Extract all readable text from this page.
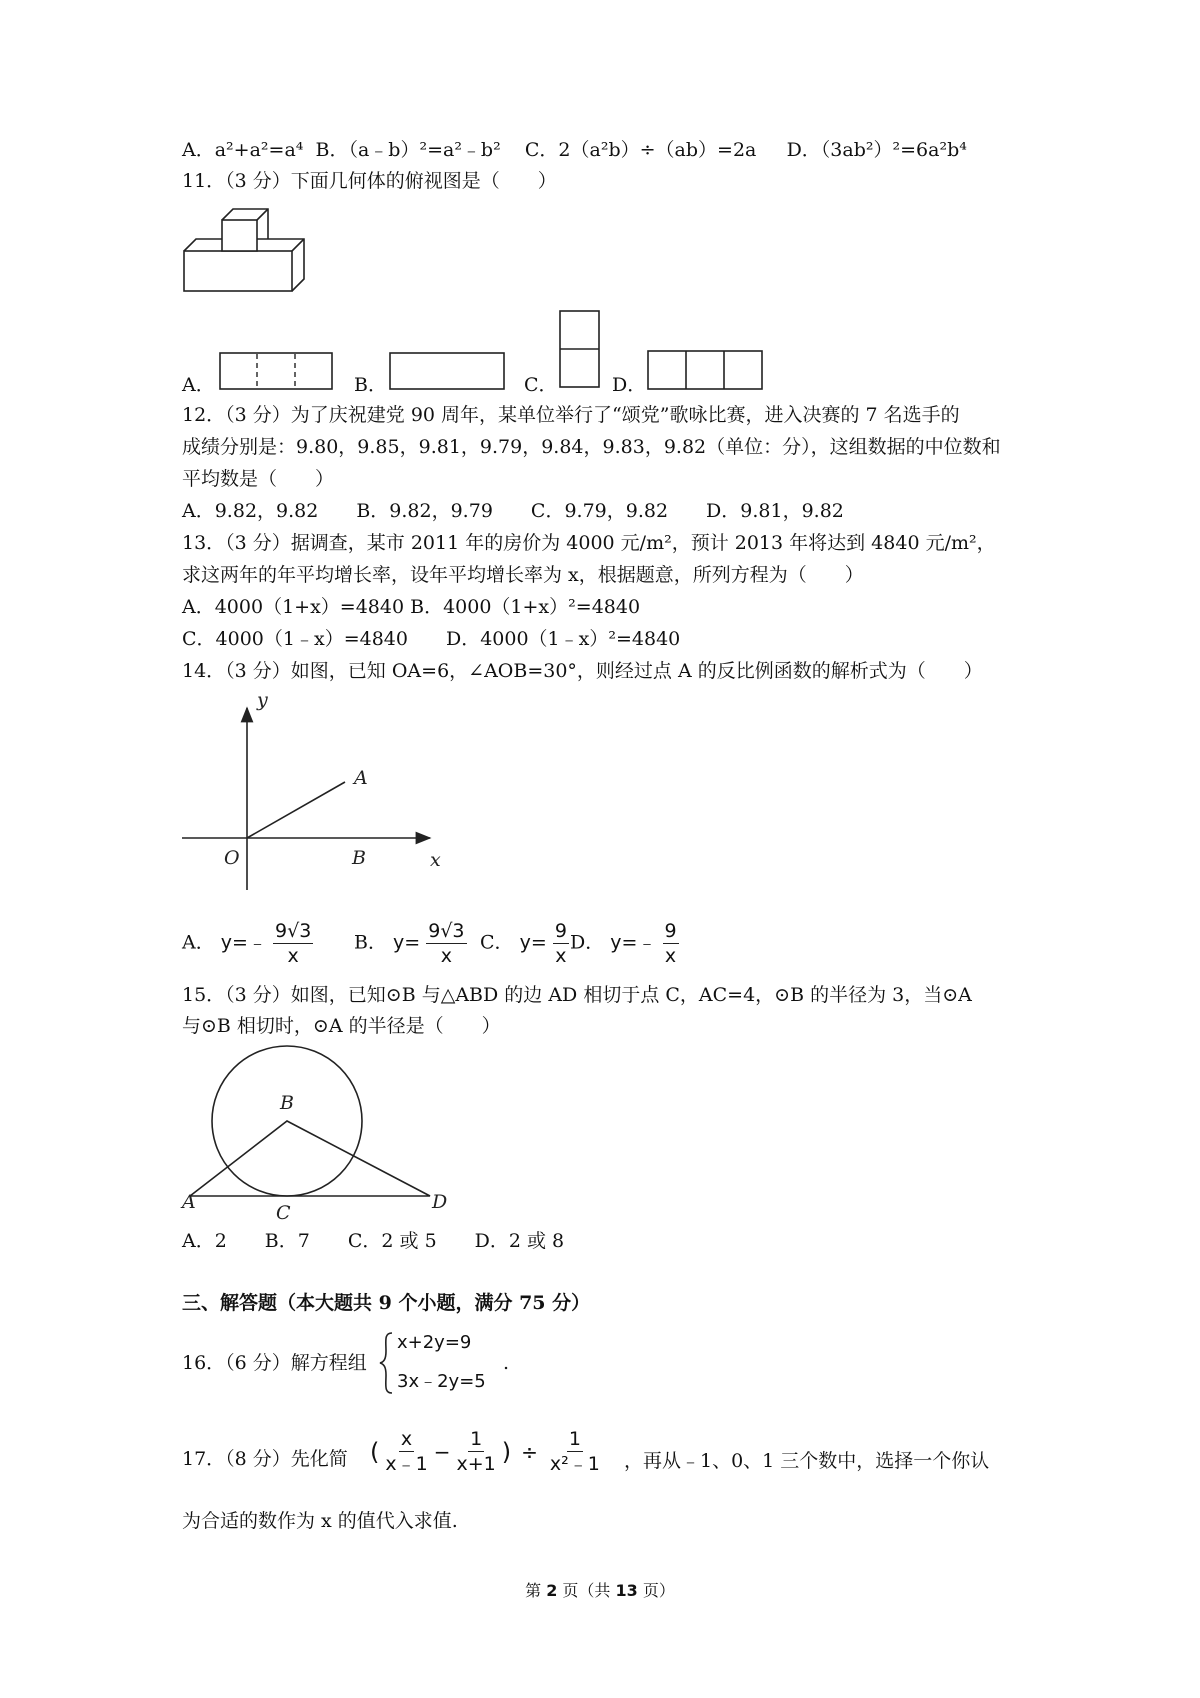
A．a²+a²=a⁴ B．（a﹣b）²=a²﹣b² C．2（a²b）÷（ab）=2a D．（3ab²）²=6a²b⁴
11．（3 分）下面几何体的俯视图是（　　）
A．	B．	C．	D．
12．（3 分）为了庆祝建党 90 周年，某单位举行了“颂党”歌咏比赛，进入决赛的 7 名选手的
成绩分别是：9.80，9.85，9.81，9.79，9.84，9.83，9.82（单位：分），这组数据的中位数和
平均数是（　　）
A．9.82，9.82　　B．9.82，9.79　　C．9.79，9.82　　D．9.81，9.82
13．（3 分）据调查，某市 2011 年的房价为 4000 元/m²，预计 2013 年将达到 4840 元/m²，
求这两年的年平均增长率，设年平均增长率为 x，根据题意，所列方程为（　　）
A．4000（1+x）=4840 B．4000（1+x）²=4840
C．4000（1﹣x）=4840　　D．4000（1﹣x）²=4840
14．（3 分）如图，已知 OA=6，∠AOB=30°，则经过点 A 的反比例函数的解析式为（　　）
y
x
O
A
B
A． y=﹣ $\frac{9√3}{x}$ B． $y= \frac{9√3}{x}$ C． $y= \frac{9}{x}$ D． y=﹣ $\frac{9}{x}$
15．（3 分）如图，已知⊙B 与△ABD 的边 AD 相切于点 C，AC=4，⊙B 的半径为 3，当⊙A
与⊙B 相切时，⊙A 的半径是（　　）
B
A	C	D
A．2　　B．7　　C．2 或 5　　D．2 或 8
三、解答题（本大题共 9 个小题，满分 75 分）
16．（6 分）解方程组
x+2y=9
3x﹣2y=5
.
17．（8 分）先化简 ( $\frac{x}{x﹣1} - \frac{1}{x+1}$ ) ÷ $\frac{1}{\text{x²﹣1}}$ ，再从﹣1、0、1 三个数中，选择一个你认
为合适的数作为 x 的值代入求值.
第 2 页（共 13 页）
